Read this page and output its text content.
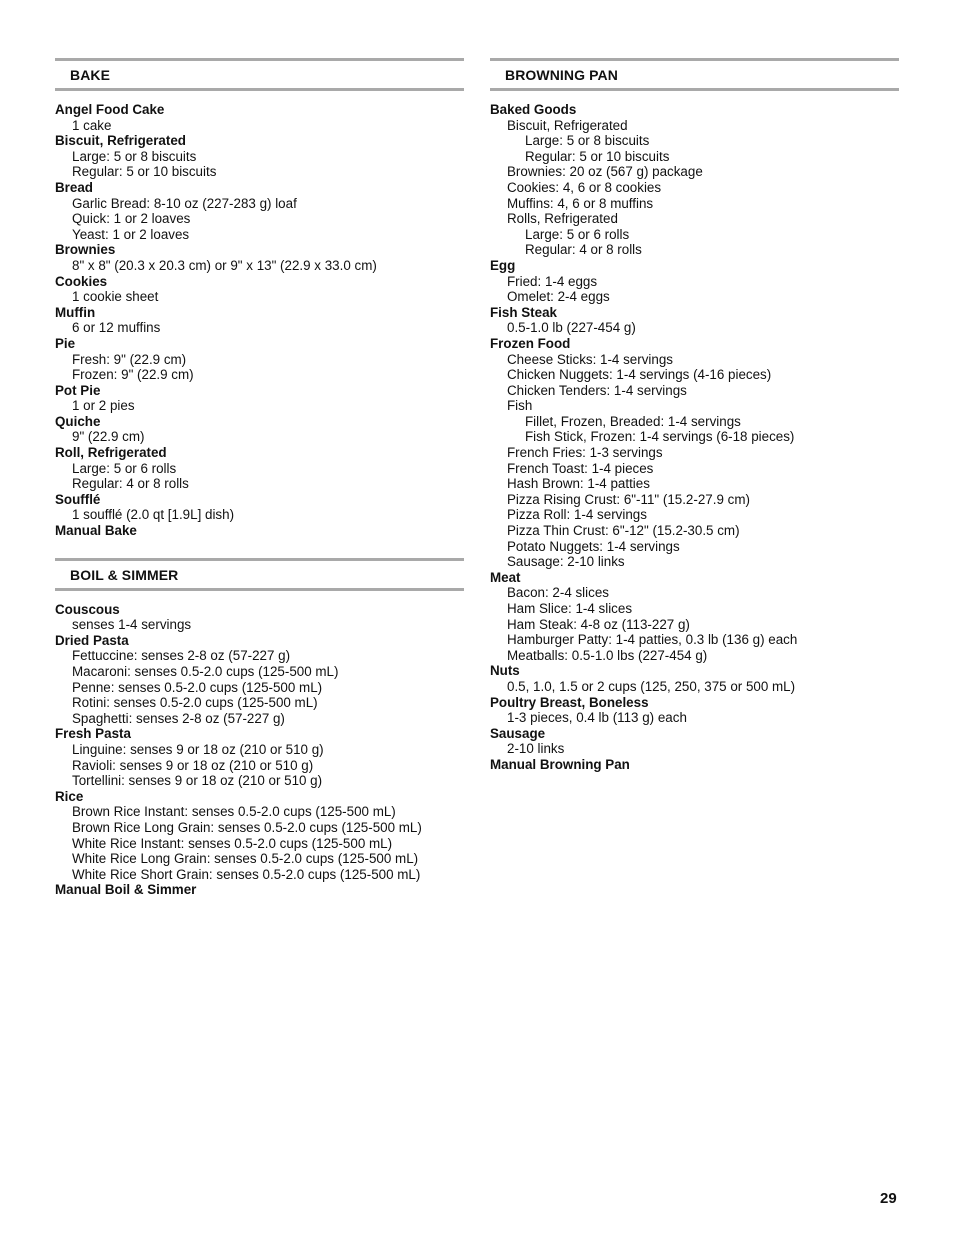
BAKE
Angel Food Cake
1 cake
Biscuit, Refrigerated
Large: 5 or 8 biscuits
Regular: 5 or 10 biscuits
Bread
Garlic Bread: 8-10 oz (227-283 g) loaf
Quick: 1 or 2 loaves
Yeast: 1 or 2 loaves
Brownies
8" x 8" (20.3 x 20.3 cm) or 9" x 13" (22.9 x 33.0 cm)
Cookies
1 cookie sheet
Muffin
6 or 12 muffins
Pie
Fresh: 9" (22.9 cm)
Frozen: 9" (22.9 cm)
Pot Pie
1 or 2 pies
Quiche
9" (22.9 cm)
Roll, Refrigerated
Large: 5 or 6 rolls
Regular: 4 or 8 rolls
Soufflé
1 soufflé (2.0 qt [1.9L] dish)
Manual Bake
BOIL & SIMMER
Couscous
senses 1-4 servings
Dried Pasta
Fettuccine: senses 2-8 oz (57-227 g)
Macaroni: senses 0.5-2.0 cups (125-500 mL)
Penne: senses 0.5-2.0 cups (125-500 mL)
Rotini: senses 0.5-2.0 cups (125-500 mL)
Spaghetti: senses 2-8 oz (57-227 g)
Fresh Pasta
Linguine: senses 9 or 18 oz (210 or 510 g)
Ravioli: senses 9 or 18 oz (210 or 510 g)
Tortellini: senses 9 or 18 oz (210 or 510 g)
Rice
Brown Rice Instant: senses 0.5-2.0 cups (125-500 mL)
Brown Rice Long Grain: senses 0.5-2.0 cups (125-500 mL)
White Rice Instant: senses 0.5-2.0 cups (125-500 mL)
White Rice Long Grain: senses 0.5-2.0 cups (125-500 mL)
White Rice Short Grain: senses 0.5-2.0 cups (125-500 mL)
Manual Boil & Simmer
BROWNING PAN
Baked Goods
Biscuit, Refrigerated
Large: 5 or 8 biscuits
Regular: 5 or 10 biscuits
Brownies: 20 oz (567 g) package
Cookies: 4, 6 or 8 cookies
Muffins: 4, 6 or 8 muffins
Rolls, Refrigerated
Large: 5 or 6 rolls
Regular: 4 or 8 rolls
Egg
Fried: 1-4 eggs
Omelet: 2-4 eggs
Fish Steak
0.5-1.0 lb (227-454 g)
Frozen Food
Cheese Sticks: 1-4 servings
Chicken Nuggets: 1-4 servings (4-16 pieces)
Chicken Tenders: 1-4 servings
Fish
Fillet, Frozen, Breaded: 1-4 servings
Fish Stick, Frozen: 1-4 servings (6-18 pieces)
French Fries: 1-3 servings
French Toast: 1-4 pieces
Hash Brown: 1-4 patties
Pizza Rising Crust: 6"-11" (15.2-27.9 cm)
Pizza Roll: 1-4 servings
Pizza Thin Crust: 6"-12" (15.2-30.5 cm)
Potato Nuggets: 1-4 servings
Sausage: 2-10 links
Meat
Bacon: 2-4 slices
Ham Slice: 1-4 slices
Ham Steak: 4-8 oz (113-227 g)
Hamburger Patty: 1-4 patties, 0.3 lb (136 g) each
Meatballs: 0.5-1.0 lbs (227-454 g)
Nuts
0.5, 1.0, 1.5 or 2 cups (125, 250, 375 or 500 mL)
Poultry Breast, Boneless
1-3 pieces, 0.4 lb (113 g) each
Sausage
2-10 links
Manual Browning Pan
29
